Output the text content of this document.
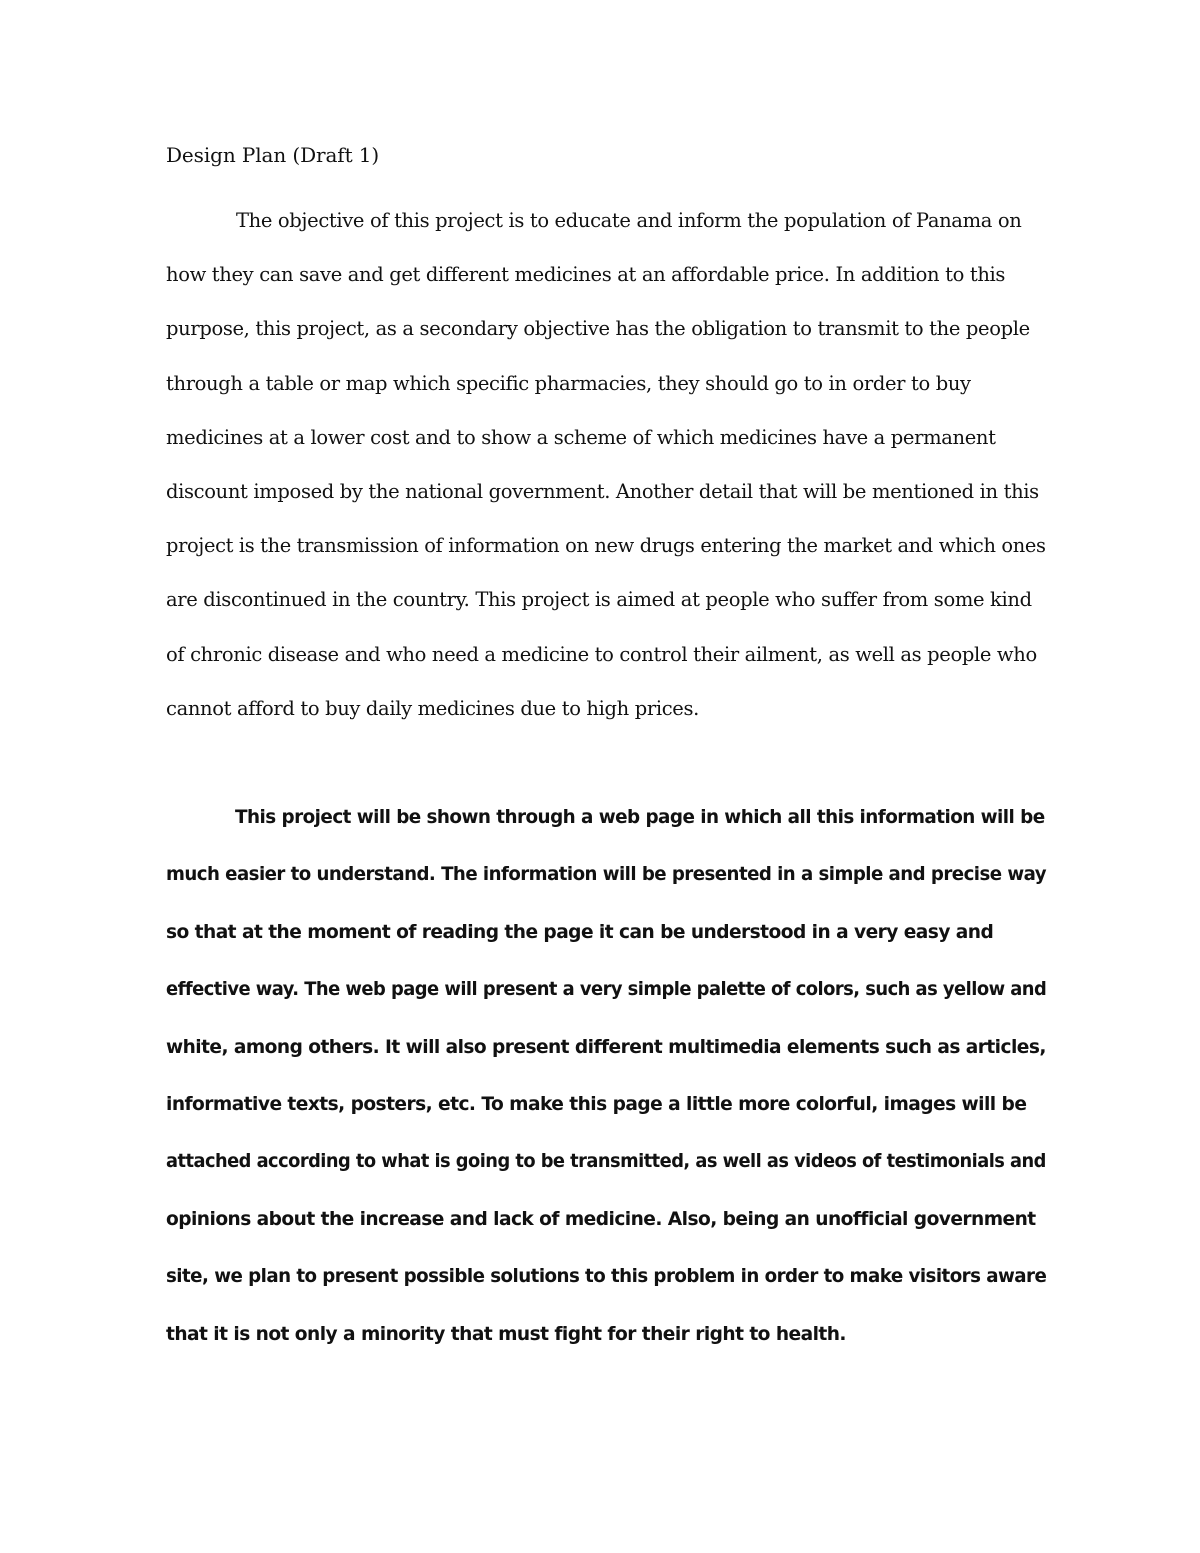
Design Plan (Draft 1)

The objective of this project is to educate and inform the population of Panama on
how they can save and get different medicines at an affordable price. In addition to this
purpose, this project, as a secondary objective has the obligation to transmit to the people
through a table or map which specific pharmacies, they should go to in order to buy
medicines at a lower cost and to show a scheme of which medicines have a permanent
discount imposed by the national government. Another detail that will be mentioned in this
project is the transmission of information on new drugs entering the market and which ones
are discontinued in the country. This project is aimed at people who suffer from some kind
of chronic disease and who need a medicine to control their ailment, as well as people who
cannot afford to buy daily medicines due to high prices.

This project will be shown through a web page in which all this information will be
much easier to understand. The information will be presented in a simple and precise way
so that at the moment of reading the page it can be understood in a very easy and
effective way. The web page will present a very simple palette of colors, such as yellow and
white, among others. It will also present different multimedia elements such as articles,
informative texts, posters, etc. To make this page a little more colorful, images will be
attached according to what is going to be transmitted, as well as videos of testimonials and
opinions about the increase and lack of medicine. Also, being an unofficial government
site, we plan to present possible solutions to this problem in order to make visitors aware
that it is not only a minority that must fight for their right to health.
